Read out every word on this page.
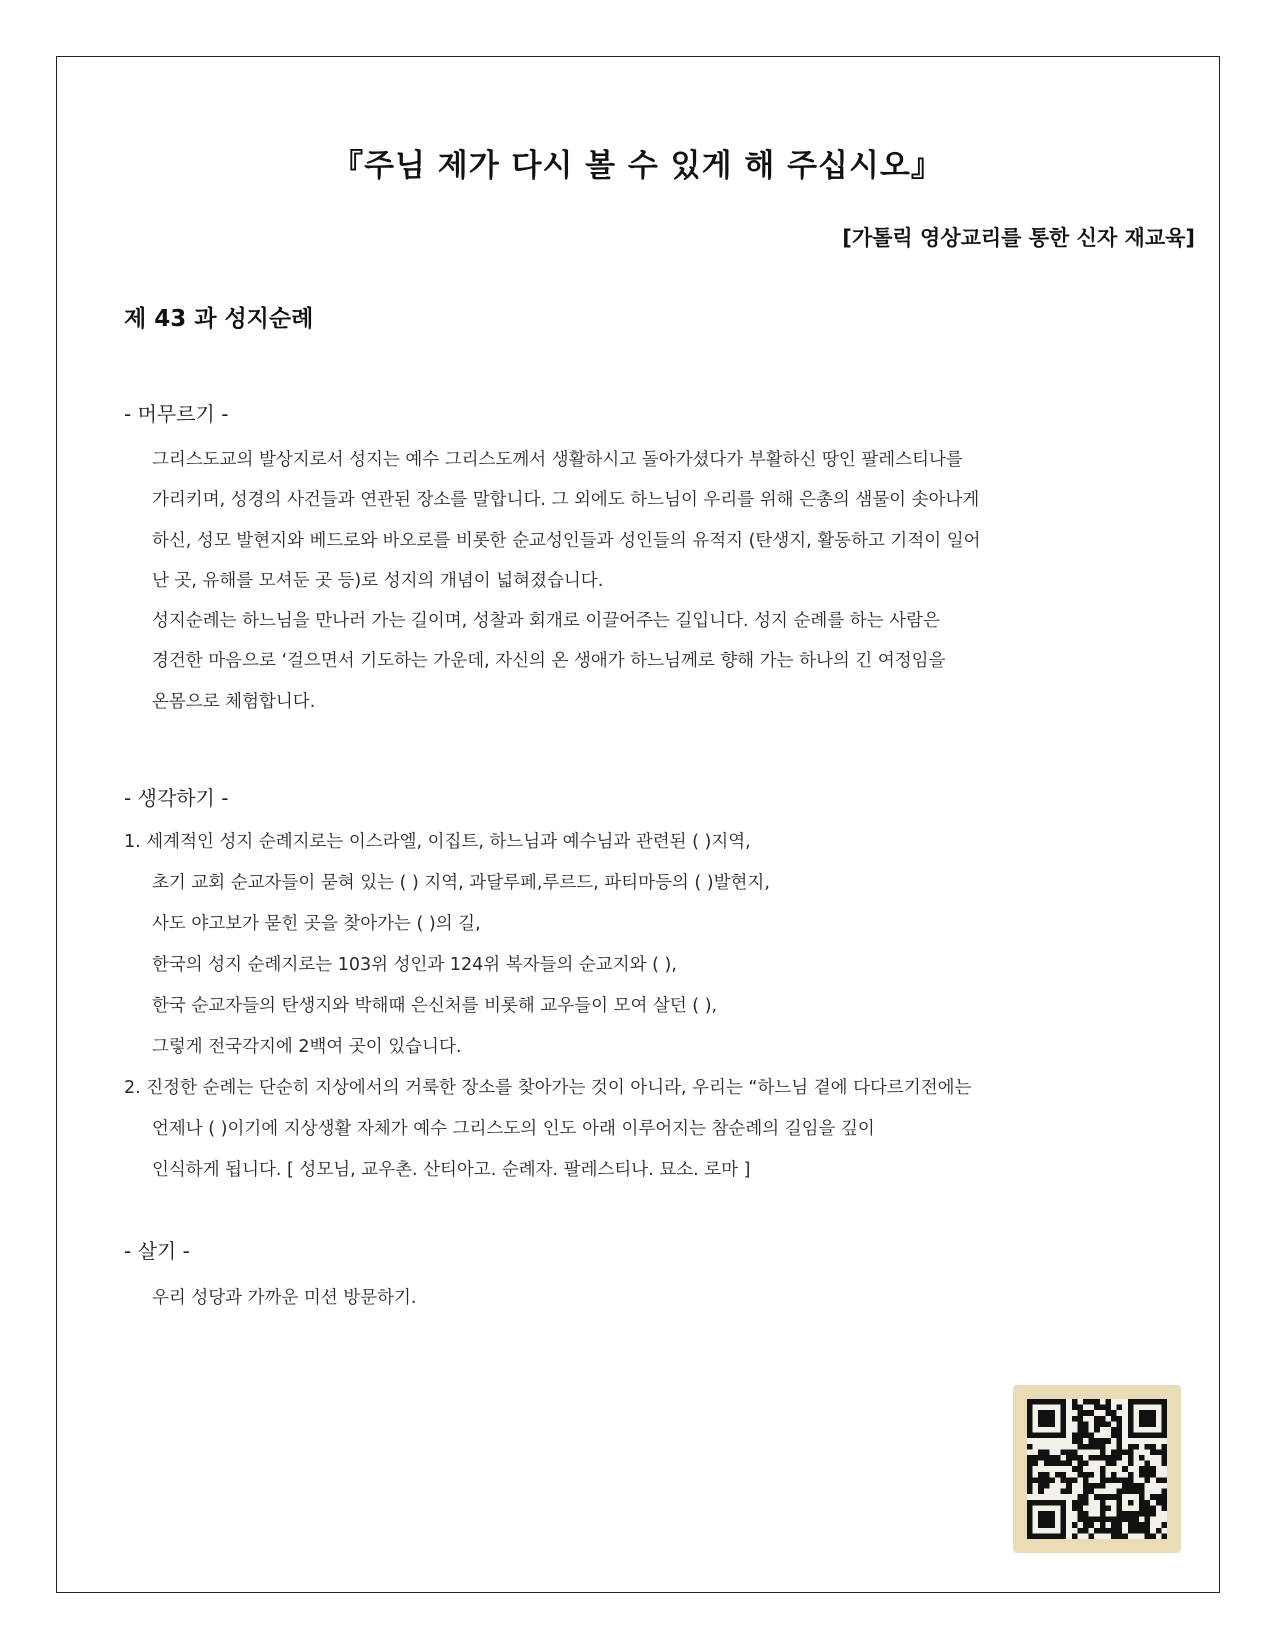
『주님 제가 다시 볼 수 있게 해 주십시오』
[가톨릭 영상교리를 통한 신자 재교육]
제 43 과 성지순례
- 머무르기 -

그리스도교의 발상지로서 성지는 예수 그리스도께서 생활하시고 돌아가셨다가 부활하신 땅인 팔레스티나를

가리키며, 성경의 사건들과 연관된 장소를 말합니다. 그 외에도 하느님이 우리를 위해 은총의 샘물이 솟아나게

하신, 성모 발현지와 베드로와 바오로를 비롯한 순교성인들과 성인들의 유적지 (탄생지, 활동하고 기적이 일어

난 곳, 유해를 모셔둔 곳 등)로 성지의 개념이 넓혀졌습니다.

성지순례는 하느님을 만나러 가는 길이며, 성찰과 회개로 이끌어주는 길입니다. 성지 순례를 하는 사람은

경건한 마음으로 ‘걸으면서 기도하는 가운데, 자신의 온 생애가 하느님께로 향해 가는 하나의 긴 여정임을

온몸으로 체험합니다.

- 생각하기 -
1. 세계적인 성지 순례지로는 이스라엘, 이집트, 하느님과 예수님과 관련된 ( )지역,
초기 교회 순교자들이 묻혀 있는 ( ) 지역, 과달루페,루르드, 파티마등의 ( )발현지,
사도 야고보가 묻힌 곳을 찾아가는 ( )의 길,
한국의 성지 순례지로는 103위 성인과 124위 복자들의 순교지와 ( ),
한국 순교자들의 탄생지와 박해때 은신처를 비롯해 교우들이 모여 살던 ( ),
그렇게 전국각지에 2백여 곳이 있습니다.
2. 진정한 순례는 단순히 지상에서의 거룩한 장소를 찾아가는 것이 아니라, 우리는 “하느님 곁에 다다르기전에는
언제나 ( )이기에 지상생활 자체가 예수 그리스도의 인도 아래 이루어지는 참순례의 길임을 깊이
인식하게 됩니다. [ 성모님, 교우촌. 산티아고. 순례자. 팔레스티나. 묘소. 로마 ]
- 살기 -

우리 성당과 가까운 미션 방문하기.
